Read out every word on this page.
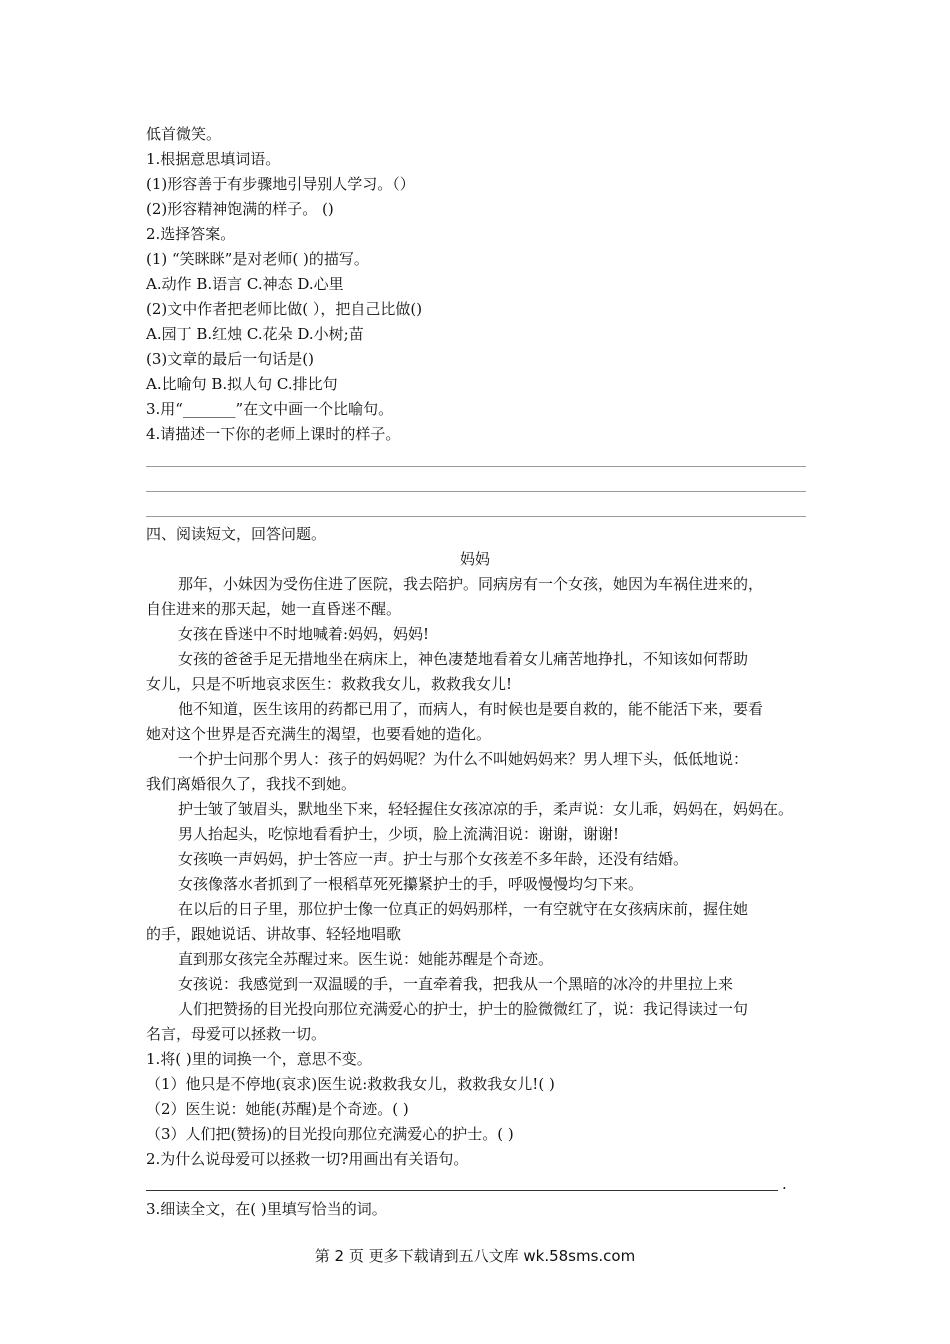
低首微笑。
1.根据意思填词语。
(1)形容善于有步骤地引导别人学习。（）
(2)形容精神饱满的样子。 ()
2.选择答案。
(1) “笑眯眯”是对老师( )的描写。
A.动作 B.语言 C.神态 D.心里
(2)文中作者把老师比做( ），把自己比做()
A.园丁 B.红烛 C.花朵 D.小树;苗
(3)文章的最后一句话是()
A.比喻句 B.拟人句 C.排比句
3.用“_______”在文中画一个比喻句。
4.请描述一下你的老师上课时的样子。
四、阅读短文，回答问题。
妈妈
那年，小妹因为受伤住进了医院，我去陪护。同病房有一个女孩，她因为车祸住进来的，
自住进来的那天起，她一直昏迷不醒。
女孩在昏迷中不时地喊着:妈妈，妈妈!
女孩的爸爸手足无措地坐在病床上，神色凄楚地看着女儿痛苦地挣扎，不知该如何帮助
女儿，只是不听地哀求医生：救救我女儿，救救我女儿!
他不知道，医生该用的药都已用了，而病人，有时候也是要自救的，能不能活下来，要看
她对这个世界是否充满生的渴望，也要看她的造化。
一个护士问那个男人：孩子的妈妈呢？为什么不叫她妈妈来？男人埋下头，低低地说：
我们离婚很久了，我找不到她。
护士皱了皱眉头，默地坐下来，轻轻握住女孩凉凉的手，柔声说：女儿乖，妈妈在，妈妈在。
男人抬起头，吃惊地看看护士，少顷，脸上流满泪说：谢谢，谢谢!
女孩唤一声妈妈，护士答应一声。护士与那个女孩差不多年龄，还没有结婚。
女孩像落水者抓到了一根稻草死死攥紧护士的手，呼吸慢慢均匀下来。
在以后的日子里，那位护士像一位真正的妈妈那样，一有空就守在女孩病床前，握住她
的手，跟她说话、讲故事、轻轻地唱歌
直到那女孩完全苏醒过来。医生说：她能苏醒是个奇迹。
女孩说：我感觉到一双温暖的手，一直牵着我，把我从一个黑暗的冰冷的井里拉上来
人们把赞扬的目光投向那位充满爱心的护士，护士的脸微微红了，说：我记得读过一句
名言，母爱可以拯救一切。
1.将( )里的词换一个，意思不变。
（1）他只是不停地(哀求)医生说:救救我女儿，救救我女儿!( )
（2）医生说：她能(苏醒)是个奇迹。( )
（3）人们把(赞扬)的目光投向那位充满爱心的护士。( )
2.为什么说母爱可以拯救一切?用画出有关语句。
.
3.细读全文，在( )里填写恰当的词。
第 2 页 更多下载请到五八文库 wk.58sms.com
